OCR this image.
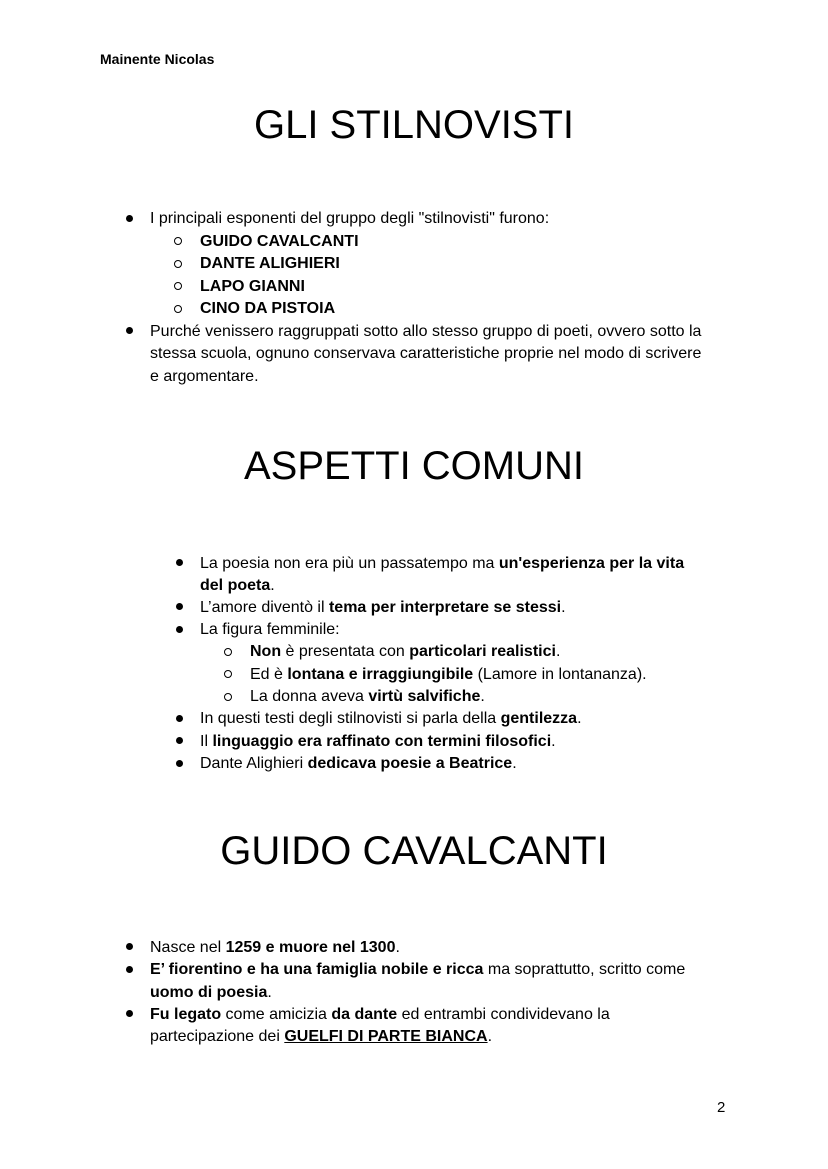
Mainente Nicolas
GLI STILNOVISTI
I principali esponenti del gruppo degli "stilnovisti" furono:
GUIDO CAVALCANTI
DANTE ALIGHIERI
LAPO GIANNI
CINO DA PISTOIA
Purché venissero raggruppati sotto allo stesso gruppo di poeti, ovvero sotto la
stessa scuola, ognuno conservava caratteristiche proprie nel modo di scrivere
e argomentare.
ASPETTI COMUNI
La poesia non era più un passatempo ma un'esperienza per la vita
del poeta.
L’amore diventò il tema per interpretare se stessi.
La figura femminile:
Non è presentata con particolari realistici.
Ed è lontana e irraggiungibile (Lamore in lontananza).
La donna aveva virtù salvifiche.
In questi testi degli stilnovisti si parla della gentilezza.
Il linguaggio era raffinato con termini filosofici.
Dante Alighieri dedicava poesie a Beatrice.
GUIDO CAVALCANTI
Nasce nel 1259 e muore nel 1300.
E’ fiorentino e ha una famiglia nobile e ricca ma soprattutto, scritto come
uomo di poesia.
Fu legato come amicizia da dante ed entrambi condividevano la
partecipazione dei GUELFI DI PARTE BIANCA.
2
